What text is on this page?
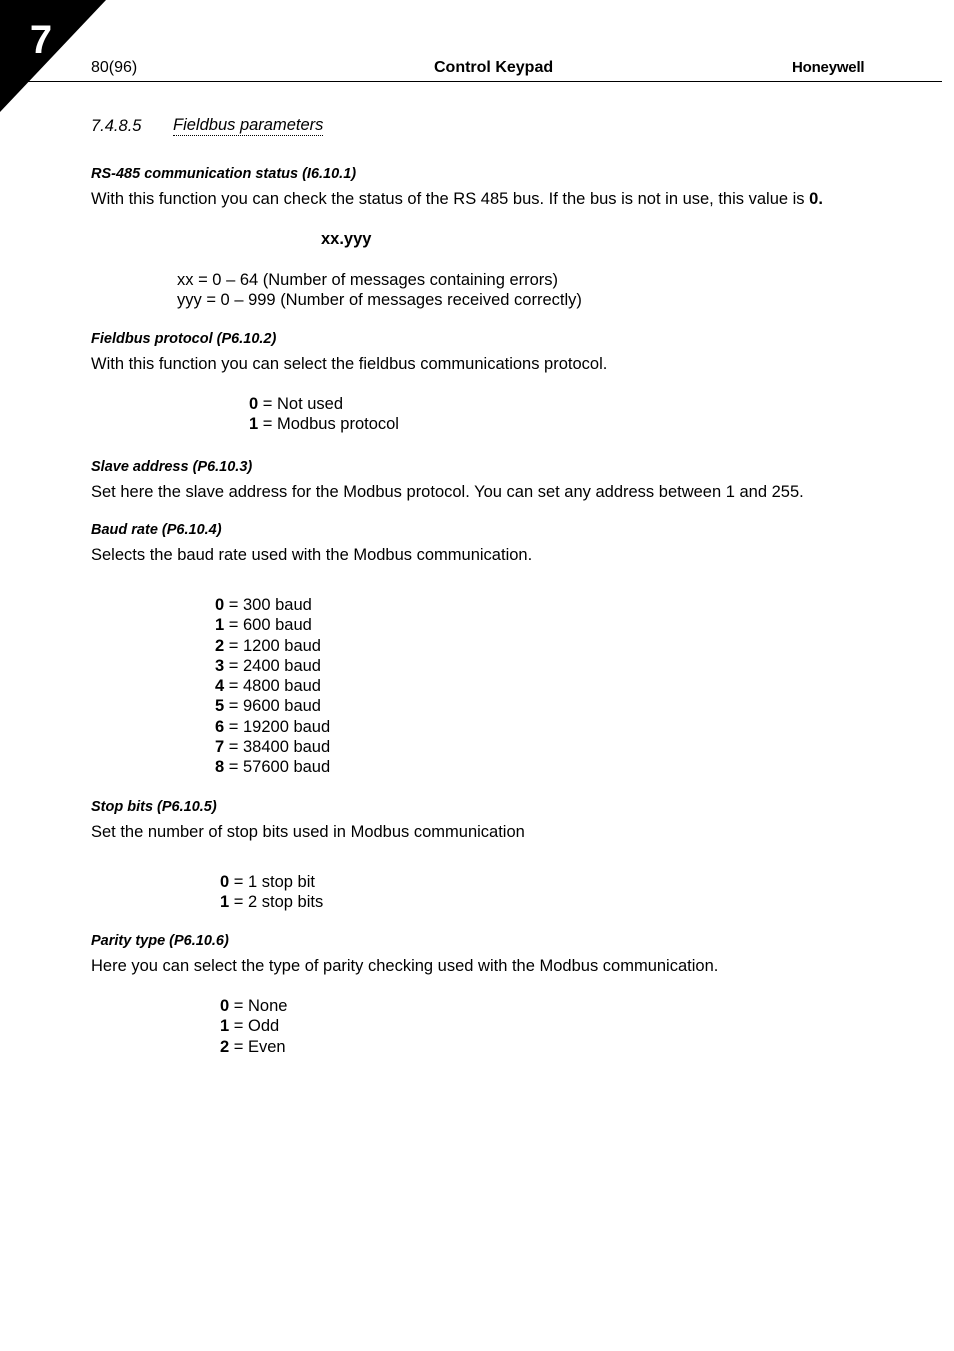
7
80(96)	Control Keypad	Honeywell
7.4.8.5 Fieldbus parameters
RS-485 communication status (I6.10.1)
With this function you can check the status of the RS 485 bus. If the bus is not in use, this value is 0.
xx.yyy
xx = 0 – 64 (Number of messages containing errors)
yyy = 0 – 999 (Number of messages received correctly)
Fieldbus protocol (P6.10.2)
With this function you can select the fieldbus communications protocol.
0 = Not used
1 = Modbus protocol
Slave address (P6.10.3)
Set here the slave address for the Modbus protocol. You can set any address between 1 and 255.
Baud rate (P6.10.4)
Selects the baud rate used with the Modbus communication.
0 = 300 baud
1 = 600 baud
2 = 1200 baud
3 = 2400 baud
4 = 4800 baud
5 = 9600 baud
6 = 19200 baud
7 = 38400 baud
8 = 57600 baud
Stop bits (P6.10.5)
Set the number of stop bits used in Modbus communication
0 = 1 stop bit
1 = 2 stop bits
Parity type (P6.10.6)
Here you can select the type of parity checking used with the Modbus communication.
0 = None
1 = Odd
2 = Even
